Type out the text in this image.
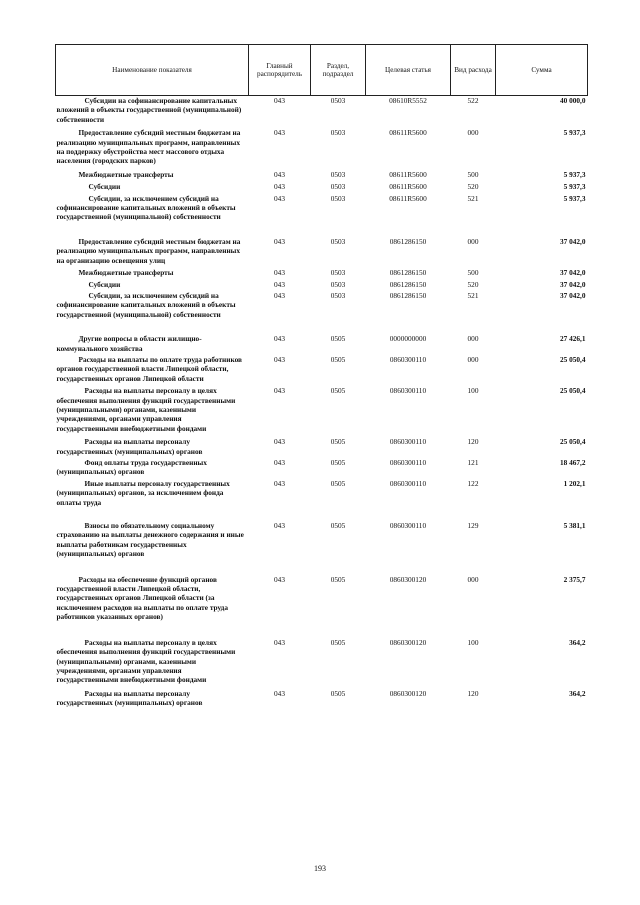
Наименование показателя	Главный распорядитель	Раздел, подраздел	Целевая статья	Вид расхода	Сумма
Субсидии на софинансирование капитальных вложений в объекты государственной (муниципальной) собственности	043	0503	08610R5552	522	40 000,0

Предоставление субсидий местным бюджетам на реализацию муниципальных программ, направленных на поддержку обустройства мест массового отдыха населения (городских парков)	043	0503	08611R5600	000	5 937,3

Межбюджетные трансферты	043	0503	08611R5600	500	5 937,3

Субсидии	043	0503	08611R5600	520	5 937,3

Субсидии, за исключением субсидий на софинансирование капитальных вложений в объекты государственной (муниципальной) собственности	043	0503	08611R5600	521	5 937,3

Предоставление субсидий местным бюджетам на реализацию муниципальных программ, направленных на организацию освещения улиц	043	0503	0861286150	000	37 042,0

Межбюджетные трансферты	043	0503	0861286150	500	37 042,0

Субсидии	043	0503	0861286150	520	37 042,0

Субсидии, за исключением субсидий на софинансирование капитальных вложений в объекты государственной (муниципальной) собственности	043	0503	0861286150	521	37 042,0

Другие вопросы в области жилищно-коммунального хозяйства	043	0505	0000000000	000	27 426,1

Расходы на выплаты по оплате труда работников органов государственной власти Липецкой области, государственных органов Липецкой области	043	0505	0860300110	000	25 050,4

Расходы на выплаты персоналу в целях обеспечения выполнения функций государственными (муниципальными) органами, казенными учреждениями, органами управления государственными внебюджетными фондами	043	0505	0860300110	100	25 050,4

Расходы на выплаты персоналу государственных (муниципальных) органов	043	0505	0860300110	120	25 050,4

Фонд оплаты труда государственных (муниципальных) органов	043	0505	0860300110	121	18 467,2

Иные выплаты персоналу государственных (муниципальных) органов, за исключением фонда оплаты труда	043	0505	0860300110	122	1 202,1

Взносы по обязательному социальному страхованию на выплаты денежного содержания и иные выплаты работникам государственных (муниципальных) органов	043	0505	0860300110	129	5 381,1

Расходы на обеспечение функций органов государственной власти Липецкой области, государственных органов Липецкой области (за исключением расходов на выплаты по оплате труда работников указанных органов)	043	0505	0860300120	000	2 375,7

Расходы на выплаты персоналу в целях обеспечения выполнения функций государственными (муниципальными) органами, казенными учреждениями, органами управления государственными внебюджетными фондами	043	0505	0860300120	100	364,2

Расходы на выплаты персоналу государственных (муниципальных) органов	043	0505	0860300120	120	364,2
193
